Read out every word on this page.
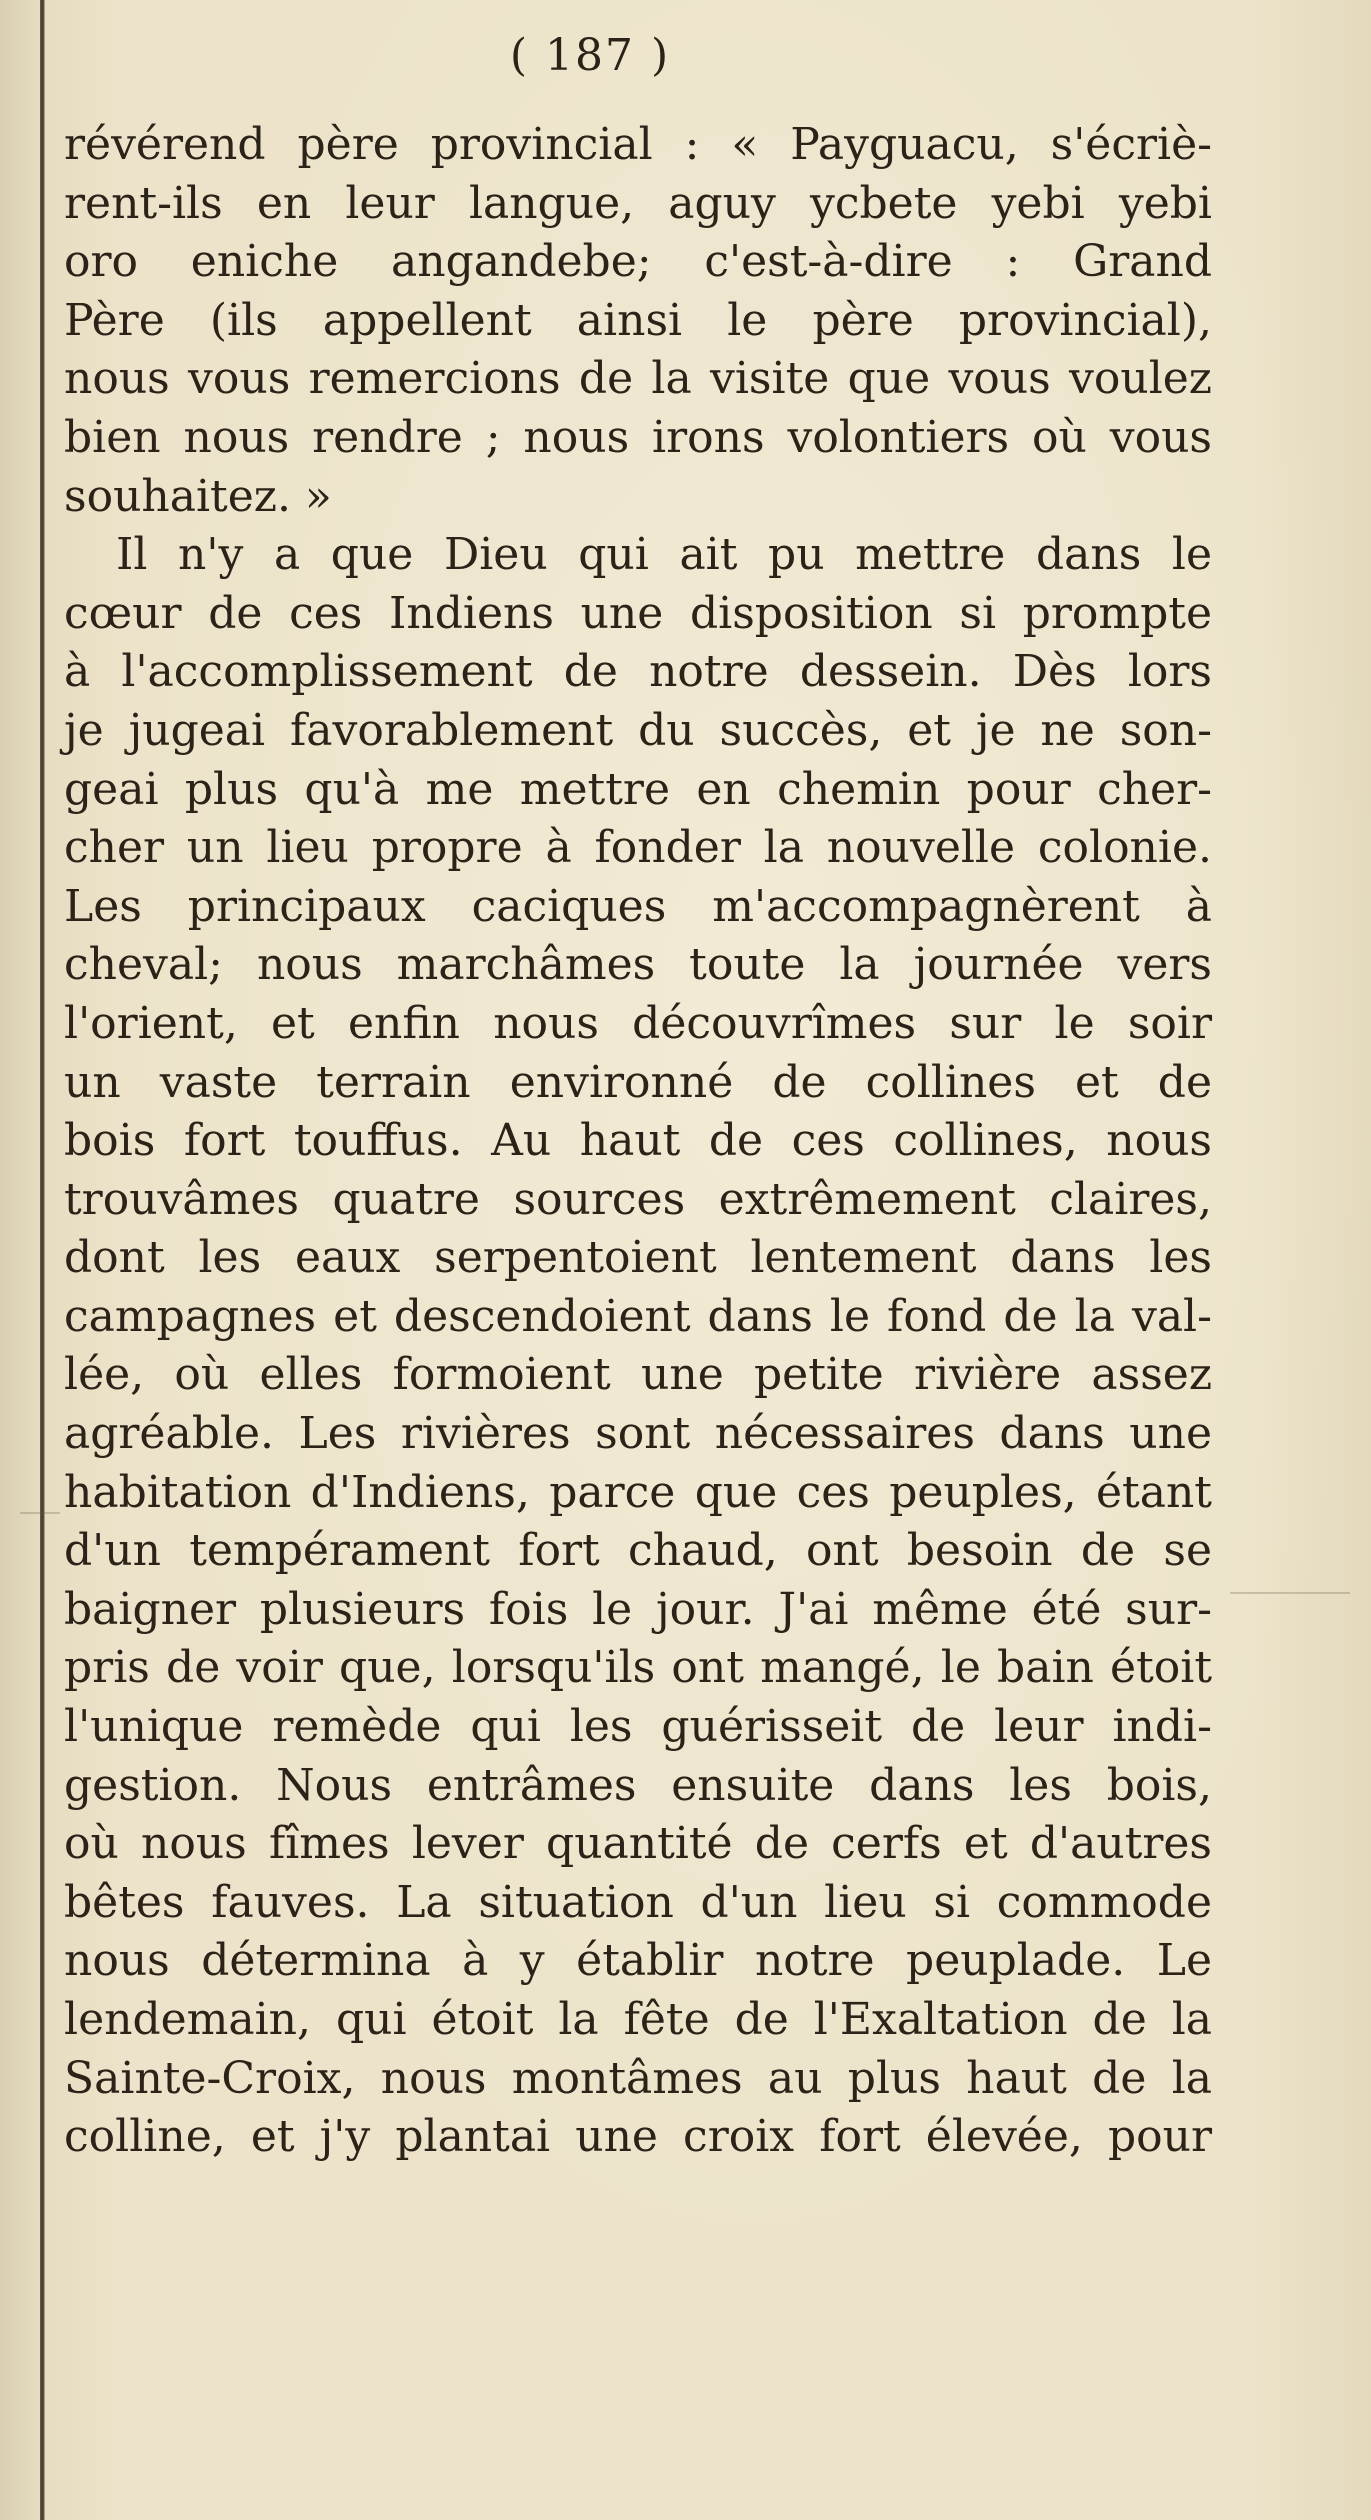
( 187 )
révérend père provincial : « Payguacu, s'écriè-
rent-ils en leur langue, aguy ycbete yebi yebi
oro eniche angandebe; c'est-à-dire : Grand
Père (ils appellent ainsi le père provincial),
nous vous remercions de la visite que vous voulez
bien nous rendre ; nous irons volontiers où vous
souhaitez. »
Il n'y a que Dieu qui ait pu mettre dans le
cœur de ces Indiens une disposition si prompte
à l'accomplissement de notre dessein. Dès lors
je jugeai favorablement du succès, et je ne son-
geai plus qu'à me mettre en chemin pour cher-
cher un lieu propre à fonder la nouvelle colonie.
Les principaux caciques m'accompagnèrent à
cheval; nous marchâmes toute la journée vers
l'orient, et enfin nous découvrîmes sur le soir
un vaste terrain environné de collines et de
bois fort touffus. Au haut de ces collines, nous
trouvâmes quatre sources extrêmement claires,
dont les eaux serpentoient lentement dans les
campagnes et descendoient dans le fond de la val-
lée, où elles formoient une petite rivière assez
agréable. Les rivières sont nécessaires dans une
habitation d'Indiens, parce que ces peuples, étant
d'un tempérament fort chaud, ont besoin de se
baigner plusieurs fois le jour. J'ai même été sur-
pris de voir que, lorsqu'ils ont mangé, le bain étoit
l'unique remède qui les guérisseit de leur indi-
gestion. Nous entrâmes ensuite dans les bois,
où nous fîmes lever quantité de cerfs et d'autres
bêtes fauves. La situation d'un lieu si commode
nous détermina à y établir notre peuplade. Le
lendemain, qui étoit la fête de l'Exaltation de la
Sainte-Croix, nous montâmes au plus haut de la
colline, et j'y plantai une croix fort élevée, pour
